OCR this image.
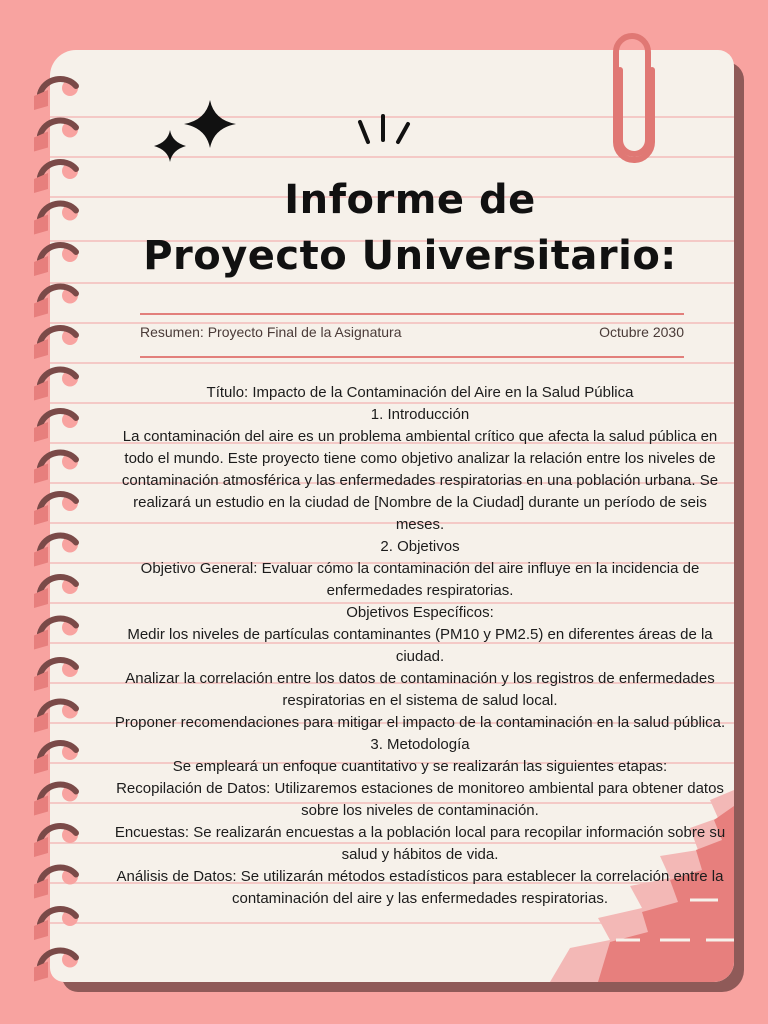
Informe de
Proyecto Universitario:
Resumen: Proyecto Final de la Asignatura	Octubre 2030

Título: Impacto de la Contaminación del Aire en la Salud Pública

1. Introducción

La contaminación del aire es un problema ambiental crítico que afecta la salud pública en todo el mundo. Este proyecto tiene como objetivo analizar la relación entre los niveles de contaminación atmosférica y las enfermedades respiratorias en una población urbana. Se realizará un estudio en la ciudad de [Nombre de la Ciudad] durante un período de seis meses.

2. Objetivos

Objetivo General: Evaluar cómo la contaminación del aire influye en la incidencia de enfermedades respiratorias.

Objetivos Específicos:

Medir los niveles de partículas contaminantes (PM10 y PM2.5) en diferentes áreas de la ciudad.

Analizar la correlación entre los datos de contaminación y los registros de enfermedades respiratorias en el sistema de salud local.

Proponer recomendaciones para mitigar el impacto de la contaminación en la salud pública.

3. Metodología

Se empleará un enfoque cuantitativo y se realizarán las siguientes etapas:

Recopilación de Datos: Utilizaremos estaciones de monitoreo ambiental para obtener datos sobre los niveles de contaminación.

Encuestas: Se realizarán encuestas a la población local para recopilar información sobre su salud y hábitos de vida.

Análisis de Datos: Se utilizarán métodos estadísticos para establecer la correlación entre la contaminación del aire y las enfermedades respiratorias.
